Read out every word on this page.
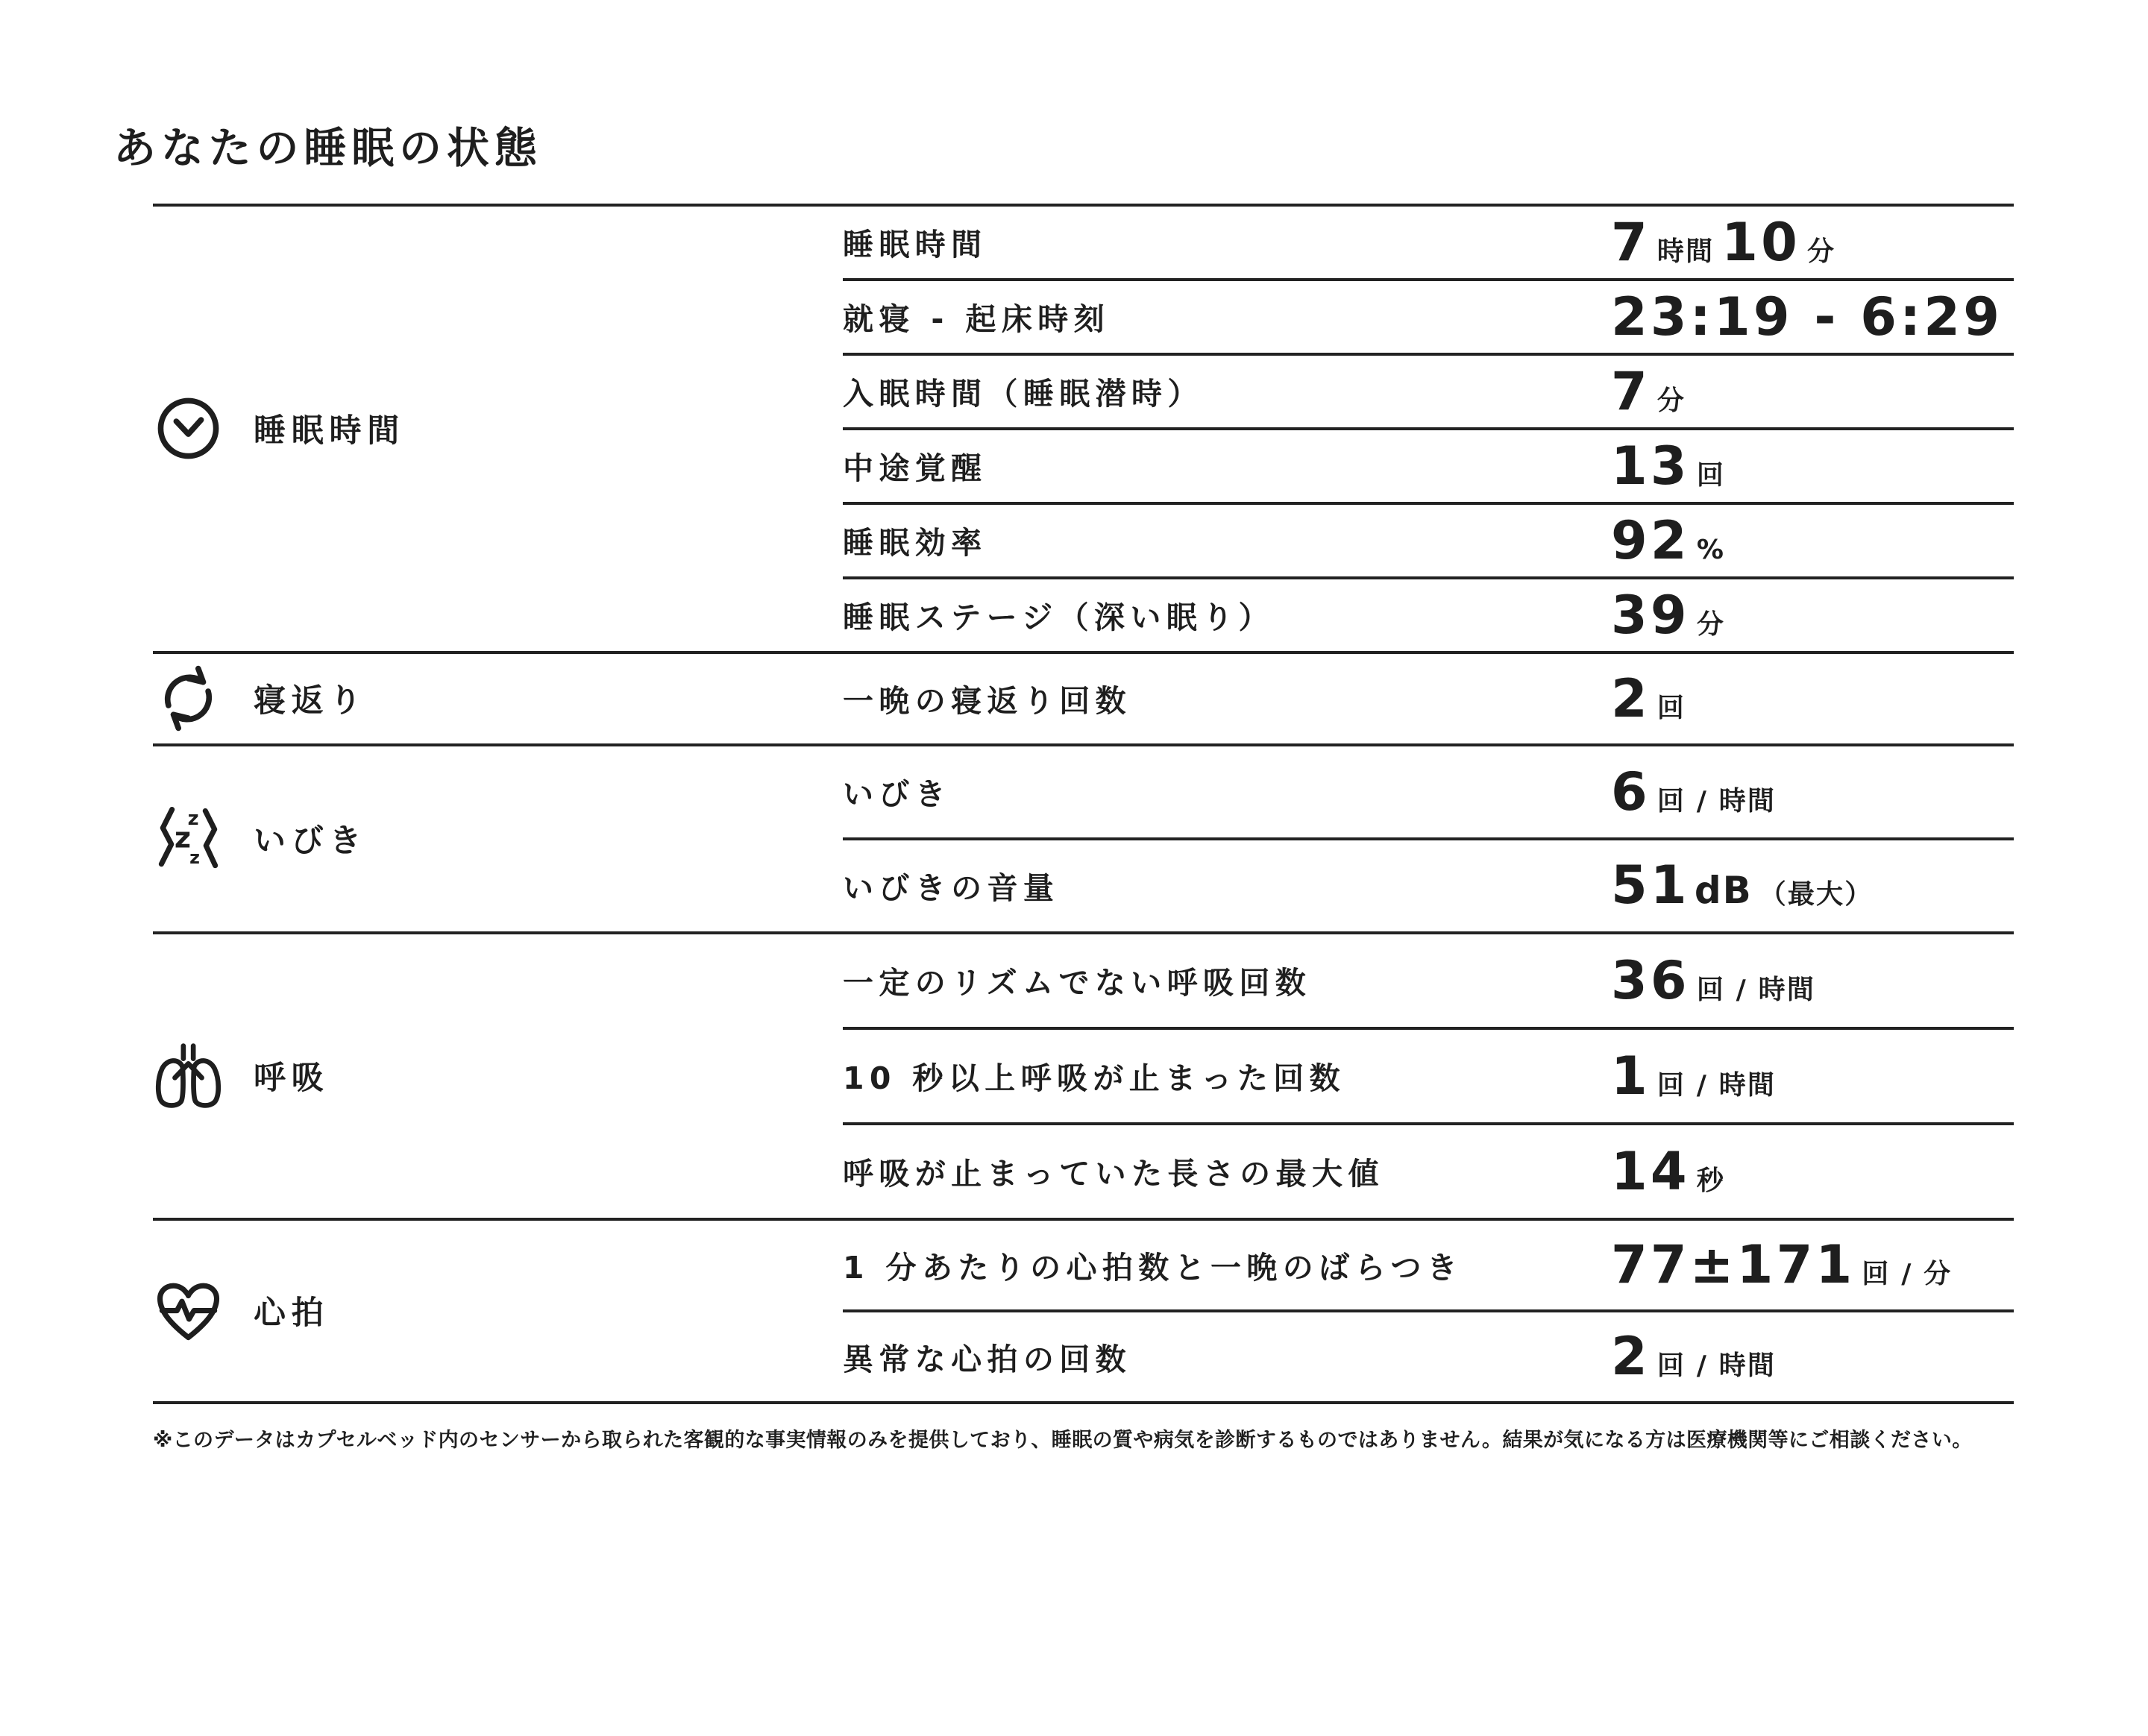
あなたの睡眠の状態
睡眠時間
睡眠時間	7 時間 10 分
就寝 - 起床時刻	23:19 - 6:29
入眠時間（睡眠潜時）	7 分
中途覚醒	13 回
睡眠効率	92 %
睡眠ステージ（深い眠り）	39 分
寝返り	一晩の寝返り回数	2 回
z
z
z いびき
いびき	6 回 / 時間
いびきの音量	51 dB （最大）
呼吸
一定のリズムでない呼吸回数	36 回 / 時間
10 秒以上呼吸が止まった回数	1 回 / 時間
呼吸が止まっていた長さの最大値	14 秒
心拍
1 分あたりの心拍数と一晩のばらつき	77±171 回 / 分
異常な心拍の回数	2 回 / 時間

※このデータはカプセルベッド内のセンサーから取られた客観的な事実情報のみを提供しており、睡眠の質や病気を診断するものではありません。結果が気になる方は医療機関等にご相談ください。
